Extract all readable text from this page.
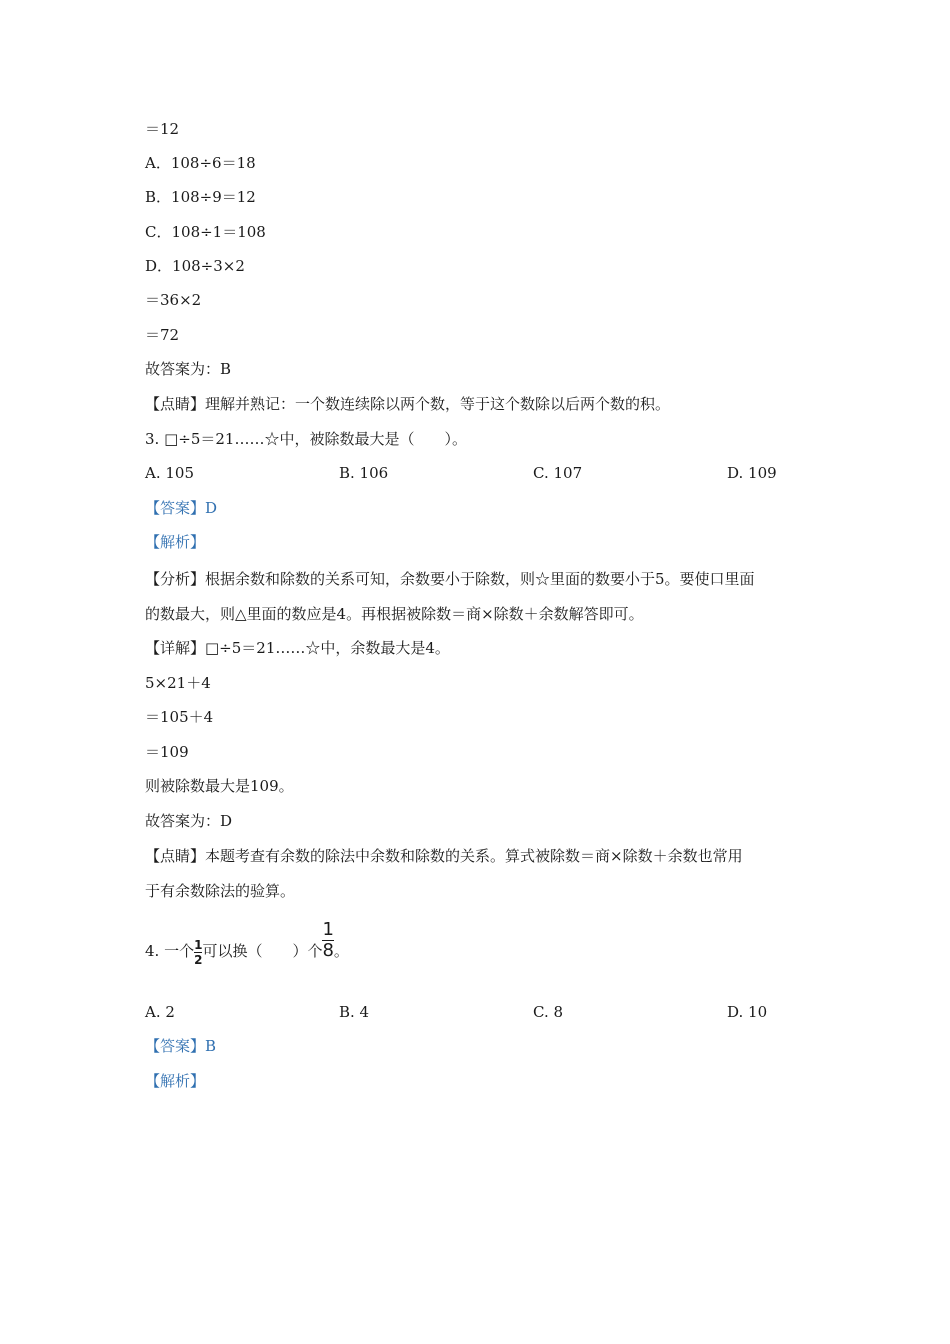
＝12
A．108÷6＝18
B．108÷9＝12
C．108÷1＝108
D．108÷3×2
＝36×2
＝72
故答案为：B
【点睛】理解并熟记：一个数连续除以两个数，等于这个数除以后两个数的积。
3. □÷5＝21……☆中，被除数最大是（　　）。
A. 105	B. 106	C. 107	D. 109
【答案】D
【解析】
【分析】根据余数和除数的关系可知，余数要小于除数，则☆里面的数要小于5。要使口里面
的数最大，则△里面的数应是4。再根据被除数＝商×除数＋余数解答即可。
【详解】□÷5＝21……☆中，余数最大是4。
5×21＋4
＝105＋4
＝109
则被除数最大是109。
故答案为：D
【点睛】本题考查有余数的除法中余数和除数的关系。算式被除数＝商×除数＋余数也常用
于有余数除法的验算。
4. 一个 $\frac{1}{2}$ 可以换（　　）个 $\frac{1}{8}$ 。
A. 2	B. 4	C. 8	D. 10
【答案】B
【解析】
